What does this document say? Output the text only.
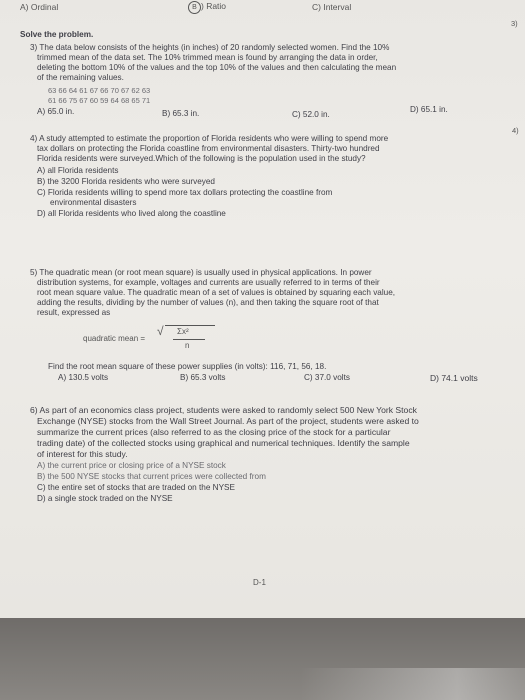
A) Ordinal	B ) Ratio	C) Interval
3)
4)
Solve the problem.
3) The data below consists of the heights (in inches) of 20 randomly selected women. Find the 10%
trimmed mean of the data set. The 10% trimmed mean is found by arranging the data in order,
deleting the bottom 10% of the values and the top 10% of the values and then calculating the mean
of the remaining values.
63 66 64 61 67 66 70 67 62 63
61 66 75 67 60 59 64 68 65 71
A) 65.0 in.	B) 65.3 in.	C) 52.0 in.
D) 65.1 in.
4) A study attempted to estimate the proportion of Florida residents who were willing to spend more
tax dollars on protecting the Florida coastline from environmental disasters. Thirty-two hundred
Florida residents were surveyed.Which of the following is the population used in the study?
A) all Florida residents
B) the 3200 Florida residents who were surveyed
C) Florida residents willing to spend more tax dollars protecting the coastline from
environmental disasters
D) all Florida residents who lived along the coastline
5) The quadratic mean (or root mean square) is usually used in physical applications. In power
distribution systems, for example, voltages and currents are usually referred to in terms of their
root mean square value. The quadratic mean of a set of values is obtained by squaring each value,
adding the results, dividing by the number of values (n), and then taking the square root of that
result, expressed as
quadratic mean =
√ Σx²
n
Find the root mean square of these power supplies (in volts): 116, 71, 56, 18.
A) 130.5 volts	B) 65.3 volts	C) 37.0 volts	D) 74.1 volts
6) As part of an economics class project, students were asked to randomly select 500 New York Stock
Exchange (NYSE) stocks from the Wall Street Journal. As part of the project, students were asked to
summarize the current prices (also referred to as the closing price of the stock for a particular
trading date) of the collected stocks using graphical and numerical techniques. Identify the sample
of interest for this study.
A) the current price or closing price of a NYSE stock
B) the 500 NYSE stocks that current prices were collected from
C) the entire set of stocks that are traded on the NYSE
D) a single stock traded on the NYSE
D-1
